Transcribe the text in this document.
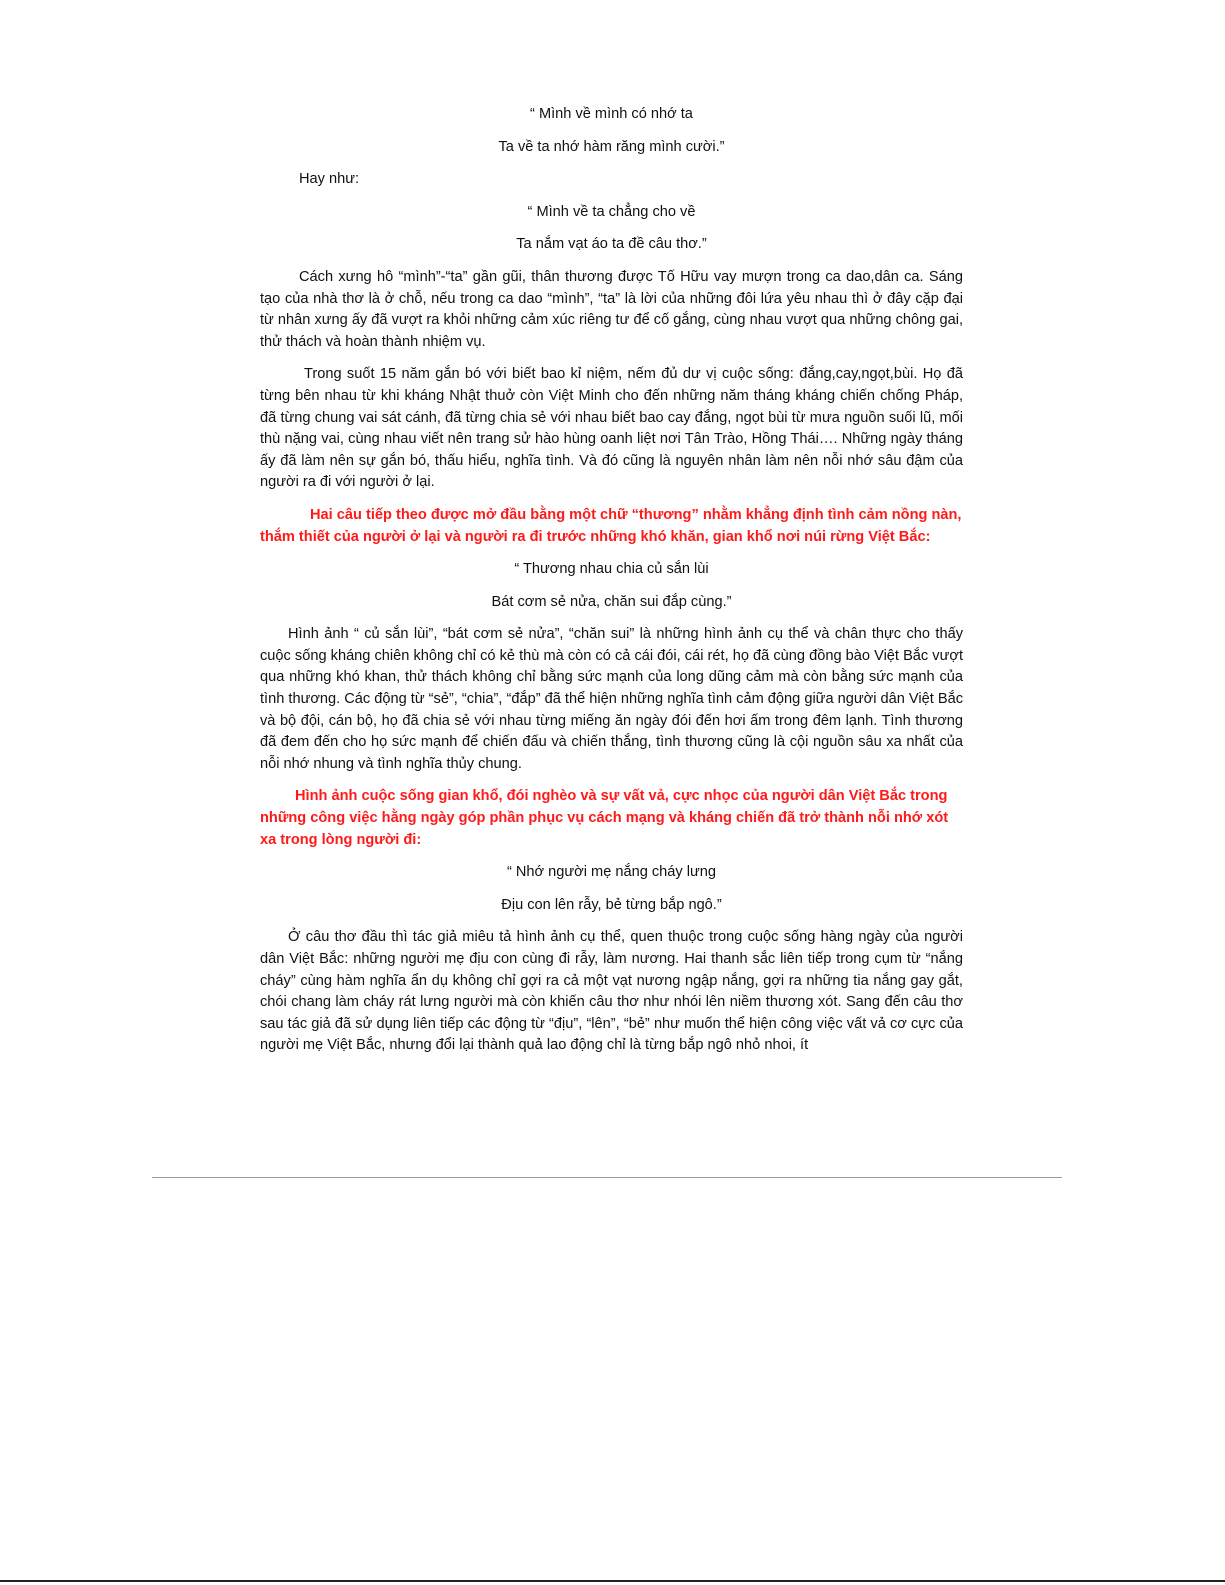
“ Mình về mình có nhớ ta
Ta về ta nhớ hàm răng mình cười.”
Hay như:
“ Mình về ta chẳng cho về
Ta nắm vạt áo ta đề câu thơ.”

Cách xưng hô “mình”-“ta” gần gũi, thân thương được Tố Hữu vay mượn trong ca dao,dân ca. Sáng tạo của nhà thơ là ở chỗ, nếu trong ca dao “mình”, “ta” là lời của những đôi lứa yêu nhau thì ở đây cặp đại từ nhân xưng ấy đã vượt ra khỏi những cảm xúc riêng tư để cố gắng, cùng nhau vượt qua những chông gai, thử thách và hoàn thành nhiệm vụ.

Trong suốt 15 năm gắn bó với biết bao kỉ niệm, nếm đủ dư vị cuộc sống: đắng,cay,ngọt,bùi. Họ đã từng bên nhau từ khi kháng Nhật thuở còn Việt Minh cho đến những năm tháng kháng chiến chống Pháp, đã từng chung vai sát cánh, đã từng chia sẻ với nhau biết bao cay đắng, ngọt bùi từ mưa nguồn suối lũ, mối thù nặng vai, cùng nhau viết nên trang sử hào hùng oanh liệt nơi Tân Trào, Hồng Thái…. Những ngày tháng ấy đã làm nên sự gắn bó, thấu hiểu, nghĩa tình. Và đó cũng là nguyên nhân làm nên nỗi nhớ sâu đậm của người ra đi với người ở lại.

Hai câu tiếp theo được mở đầu bằng một chữ “thương” nhằm khẳng định tình cảm nồng nàn, thắm thiết của người ở lại và người ra đi trước những khó khăn, gian khổ nơi núi rừng Việt Bắc:

“ Thương nhau chia củ sắn lùi
Bát cơm sẻ nửa, chăn sui đắp cùng.”

Hình ảnh “ củ sắn lùi”, “bát cơm sẻ nửa”, “chăn sui” là những hình ảnh cụ thể và chân thực cho thấy cuộc sống kháng chiên không chỉ có kẻ thù mà còn có cả cái đói, cái rét, họ đã cùng đồng bào Việt Bắc vượt qua những khó khan, thử thách không chỉ bằng sức mạnh của long dũng cảm mà còn bằng sức mạnh của tình thương. Các động từ “sẻ”, “chia”, “đắp” đã thể hiện những nghĩa tình cảm động giữa người dân Việt Bắc và bộ đội, cán bộ, họ đã chia sẻ với nhau từng miếng ăn ngày đói đến hơi ấm trong đêm lạnh. Tình thương đã đem đến cho họ sức mạnh để chiến đấu và chiến thắng, tình thương cũng là cội nguồn sâu xa nhất của nỗi nhớ nhung và tình nghĩa thủy chung.

Hình ảnh cuộc sống gian khổ, đói nghèo và sự vất vả, cực nhọc của người dân Việt Bắc trong những công việc hằng ngày góp phần phục vụ cách mạng và kháng chiến đã trở thành nỗi nhớ xót xa trong lòng người đi:

“ Nhớ người mẹ nắng cháy lưng
Địu con lên rẫy, bẻ từng bắp ngô.”

Ở câu thơ đầu thì tác giả miêu tả hình ảnh cụ thể, quen thuộc trong cuộc sống hàng ngày của người dân Việt Bắc: những người mẹ địu con cùng đi rẫy, làm nương. Hai thanh sắc liên tiếp trong cụm từ “nắng cháy” cùng hàm nghĩa ẩn dụ không chỉ gợi ra cả một vạt nương ngập nắng, gợi ra những tia nắng gay gắt, chói chang làm cháy rát lưng người mà còn khiến câu thơ như nhói lên niềm thương xót. Sang đến câu thơ sau tác giả đã sử dụng liên tiếp các động từ “địu”, “lên”, “bẻ” như muốn thể hiện công việc vất vả cơ cực của người mẹ Việt Bắc, nhưng đổi lại thành quả lao động chỉ là từng bắp ngô nhỏ nhoi, ít
